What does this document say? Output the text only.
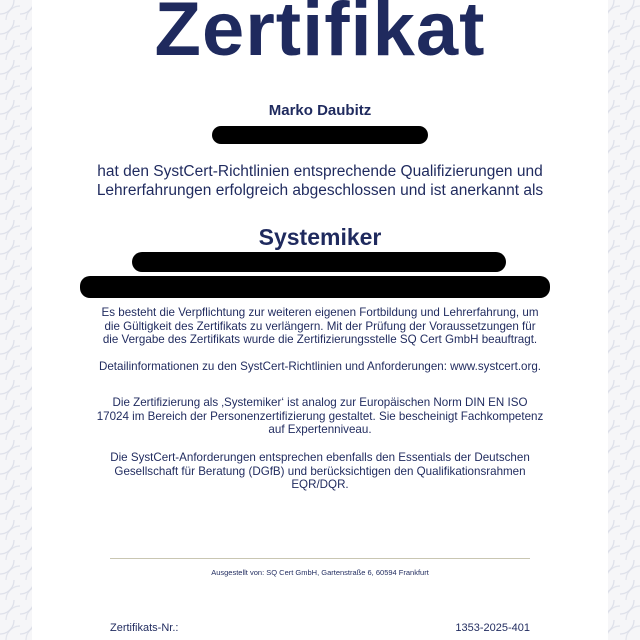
Zertifikat
Marko Daubitz
hat den SystCert-Richtlinien entsprechende Qualifizierungen und
Lehrerfahrungen erfolgreich abgeschlossen und ist anerkannt als
Systemiker
Es besteht die Verpflichtung zur weiteren eigenen Fortbildung und Lehrerfahrung, um
die Gültigkeit des Zertifikats zu verlängern. Mit der Prüfung der Voraussetzungen für
die Vergabe des Zertifikats wurde die Zertifizierungsstelle SQ Cert GmbH beauftragt.
Detailinformationen zu den SystCert-Richtlinien und Anforderungen: www.systcert.org.
Die Zertifizierung als ‚Systemiker‘ ist analog zur Europäischen Norm DIN EN ISO
17024 im Bereich der Personenzertifizierung gestaltet. Sie bescheinigt Fachkompetenz
auf Expertenniveau.
Die SystCert-Anforderungen entsprechen ebenfalls den Essentials der Deutschen
Gesellschaft für Beratung (DGfB) und berücksichtigen den Qualifikationsrahmen
EQR/DQR.
Ausgestellt von: SQ Cert GmbH, Gartenstraße 6, 60594 Frankfurt
Zertifikats-Nr.:	1353-2025-401
